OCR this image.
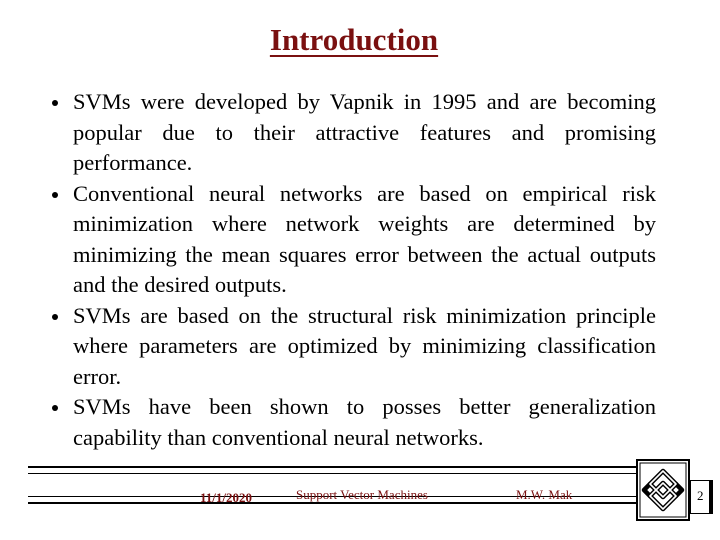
Introduction
SVMs were developed by Vapnik in 1995 and are becoming popular due to their attractive features and promising performance.
Conventional neural networks are based on empirical risk minimization where network weights are determined by minimizing the mean squares error between the actual outputs and the desired outputs.
SVMs are based on the structural risk minimization principle where parameters are optimized by minimizing classification error.
SVMs have been shown to posses better generalization capability than conventional neural networks.
11/1/2020	Support Vector Machines	M.W. Mak	2
